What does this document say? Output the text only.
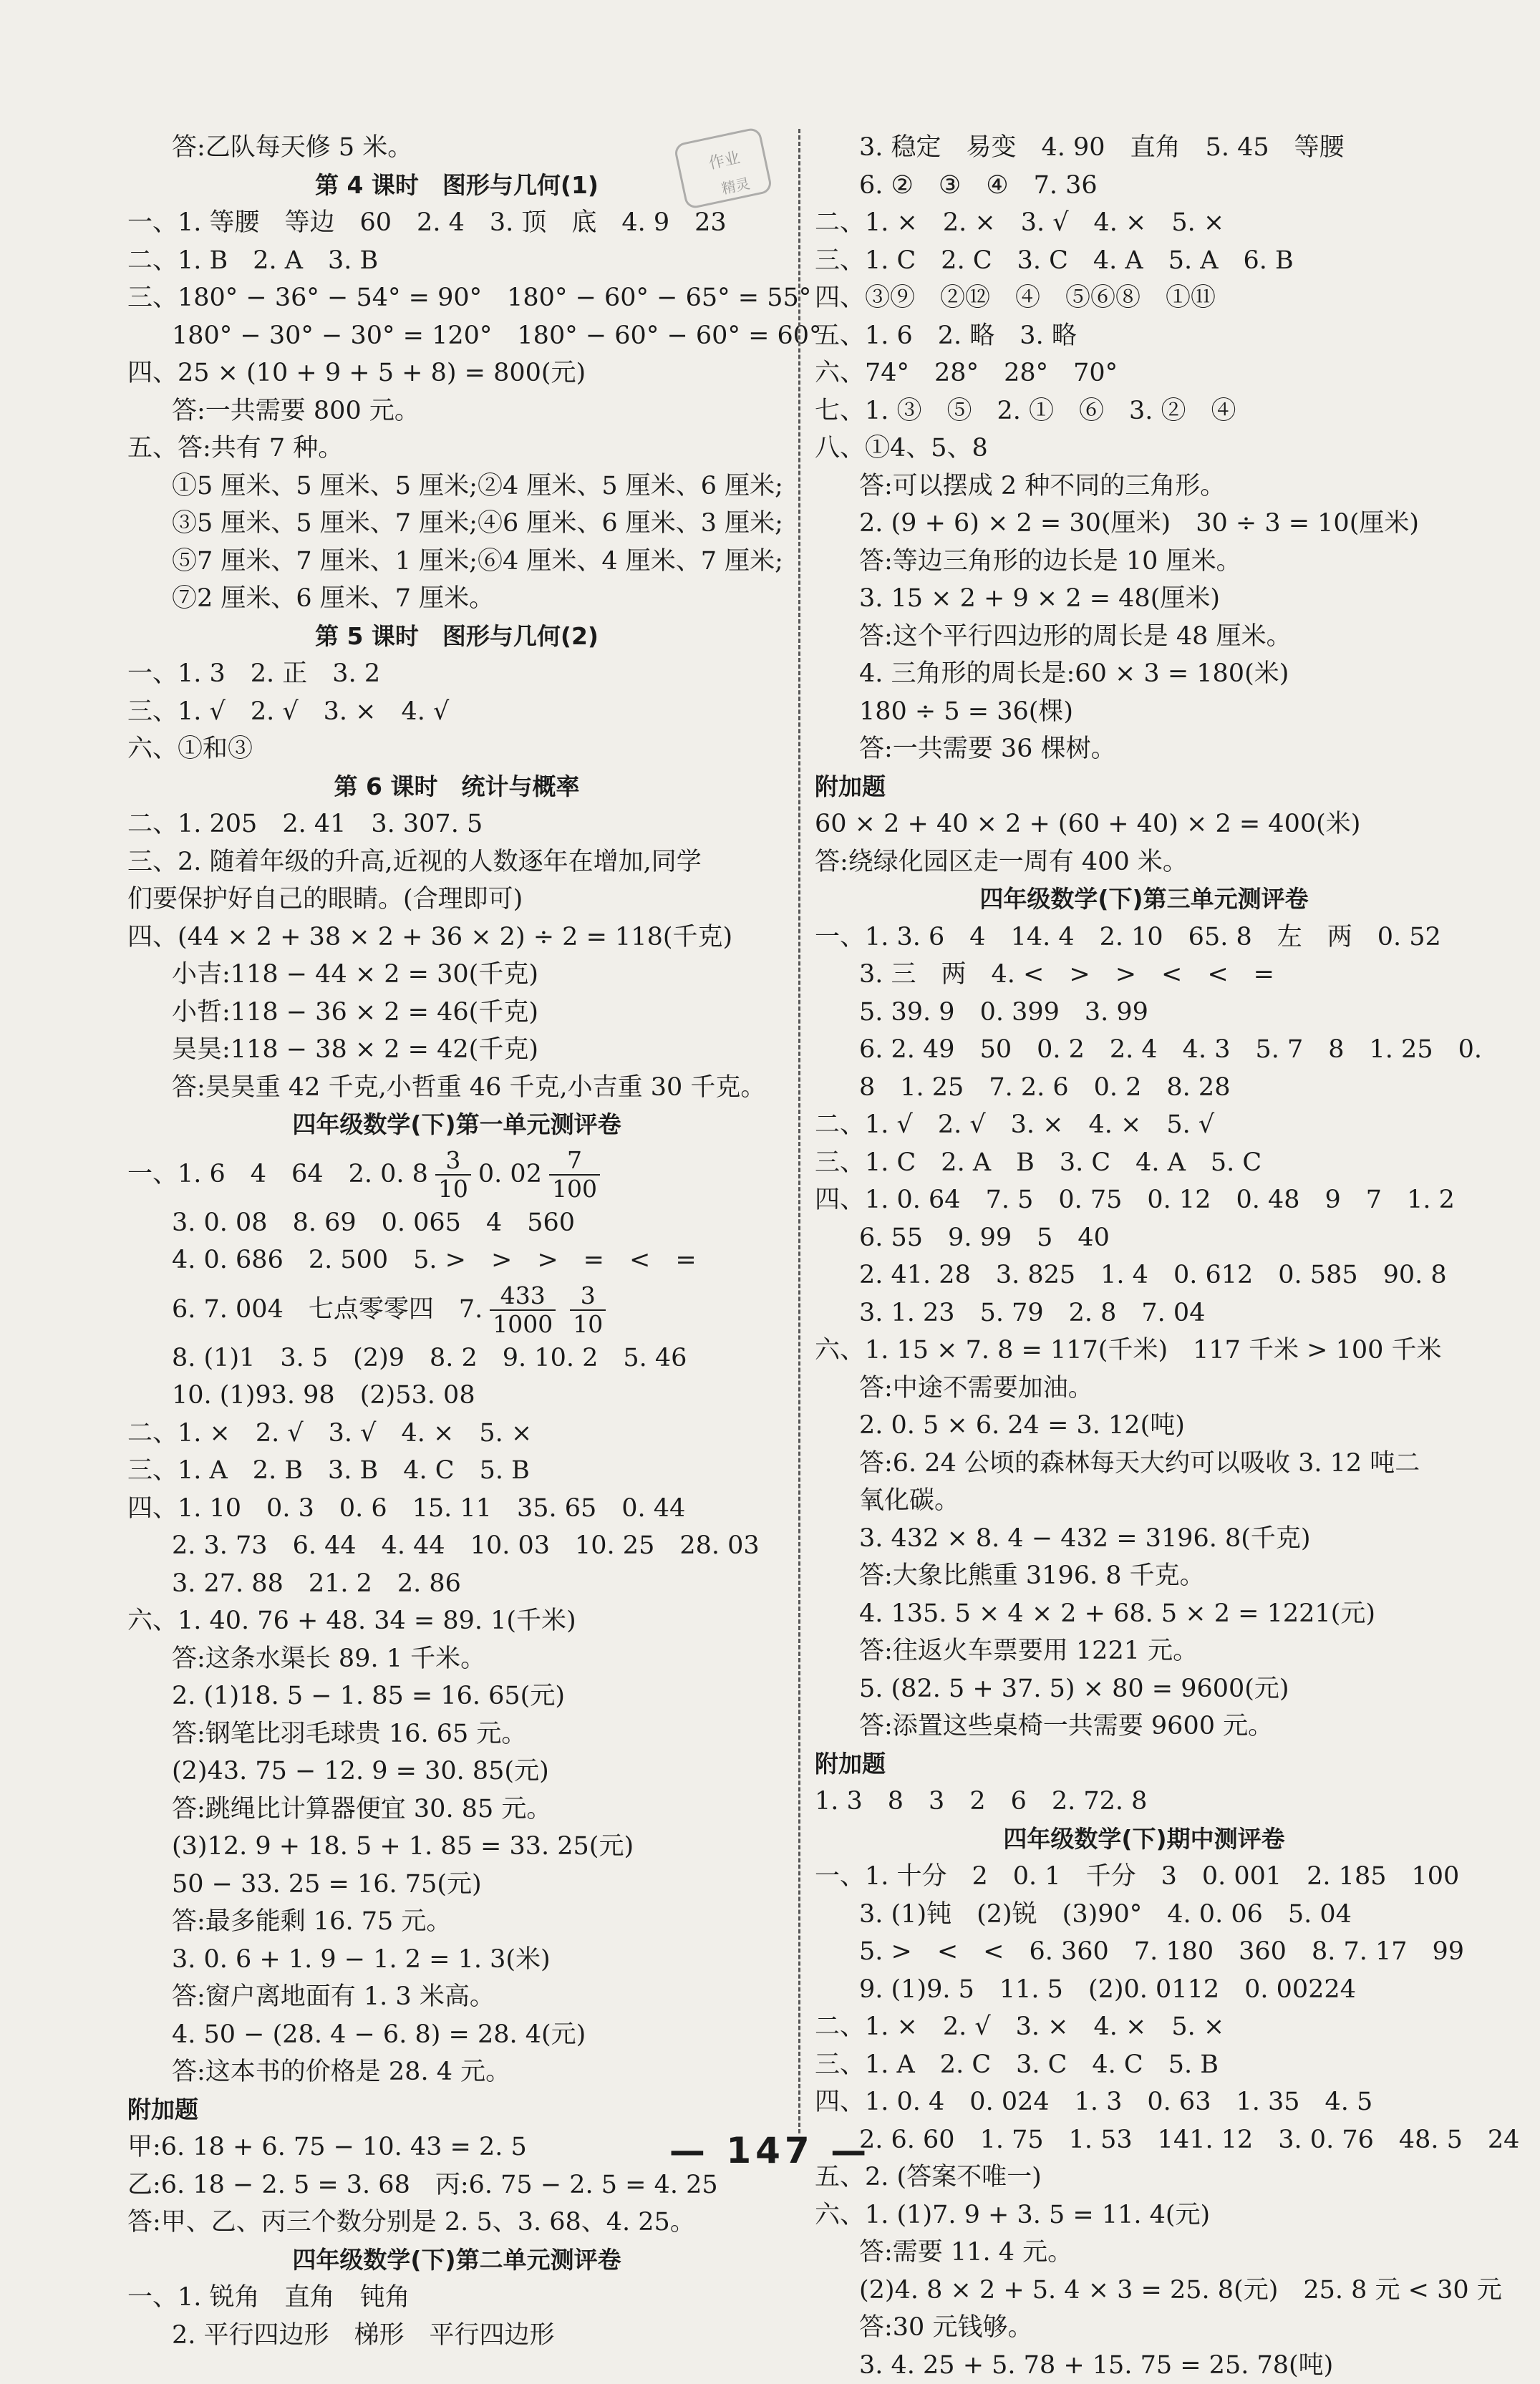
答:乙队每天修 5 米。
第 4 课时　图形与几何(1)
一、1. 等腰　等边　60　2. 4　3. 顶　底　4. 9　23
二、1. B　2. A　3. B
三、180° − 36° − 54° = 90°　180° − 60° − 65° = 55°
180° − 30° − 30° = 120°　180° − 60° − 60° = 60°
四、25 × (10 + 9 + 5 + 8) = 800(元)
答:一共需要 800 元。
五、答:共有 7 种。
①5 厘米、5 厘米、5 厘米;②4 厘米、5 厘米、6 厘米;
③5 厘米、5 厘米、7 厘米;④6 厘米、6 厘米、3 厘米;
⑤7 厘米、7 厘米、1 厘米;⑥4 厘米、4 厘米、7 厘米;
⑦2 厘米、6 厘米、7 厘米。
第 5 课时　图形与几何(2)
一、1. 3　2. 正　3. 2
三、1. √　2. √　3. ×　4. √
六、①和③
第 6 课时　统计与概率
二、1. 205　2. 41　3. 307. 5
三、2. 随着年级的升高,近视的人数逐年在增加,同学
们要保护好自己的眼睛。(合理即可)
四、(44 × 2 + 38 × 2 + 36 × 2) ÷ 2 = 118(千克)
小吉:118 − 44 × 2 = 30(千克)
小哲:118 − 36 × 2 = 46(千克)
昊昊:118 − 38 × 2 = 42(千克)
答:昊昊重 42 千克,小哲重 46 千克,小吉重 30 千克。
四年级数学(下)第一单元测评卷
一、1. 6　4　64　2. 0. $8 \frac{3}{10} 0$. $02 \frac{7}{100}$
3. 0. 08　8. 69　0. 065　4　560
4. 0. 686　2. 500　5. >　>　>　=　<　=
6. 7. 004　七点零零四　7. $\frac{433}{1000} \frac{3}{10}$
8. (1)1　3. 5　(2)9　8. 2　9. 10. 2　5. 46
10. (1)93. 98　(2)53. 08
二、1. ×　2. √　3. √　4. ×　5. ×
三、1. A　2. B　3. B　4. C　5. B
四、1. 10　0. 3　0. 6　15. 11　35. 65　0. 44
2. 3. 73　6. 44　4. 44　10. 03　10. 25　28. 03
3. 27. 88　21. 2　2. 86
六、1. 40. 76 + 48. 34 = 89. 1(千米)
答:这条水渠长 89. 1 千米。
2. (1)18. 5 − 1. 85 = 16. 65(元)
答:钢笔比羽毛球贵 16. 65 元。
(2)43. 75 − 12. 9 = 30. 85(元)
答:跳绳比计算器便宜 30. 85 元。
(3)12. 9 + 18. 5 + 1. 85 = 33. 25(元)
50 − 33. 25 = 16. 75(元)
答:最多能剩 16. 75 元。
3. 0. 6 + 1. 9 − 1. 2 = 1. 3(米)
答:窗户离地面有 1. 3 米高。
4. 50 − (28. 4 − 6. 8) = 28. 4(元)
答:这本书的价格是 28. 4 元。
附加题
甲:6. 18 + 6. 75 − 10. 43 = 2. 5
乙:6. 18 − 2. 5 = 3. 68　丙:6. 75 − 2. 5 = 4. 25
答:甲、乙、丙三个数分别是 2. 5、3. 68、4. 25。
四年级数学(下)第二单元测评卷
一、1. 锐角　直角　钝角
2. 平行四边形　梯形　平行四边形
3. 稳定　易变　4. 90　直角　5. 45　等腰
6. ②　③　④　7. 36
二、1. ×　2. ×　3. √　4. ×　5. ×
三、1. C　2. C　3. C　4. A　5. A　6. B
四、③⑨　②⑫　④　⑤⑥⑧　①⑪
五、1. 6　2. 略　3. 略
六、74°　28°　28°　70°
七、1. ③　⑤　2. ①　⑥　3. ②　④
八、①4、5、8
答:可以摆成 2 种不同的三角形。
2. (9 + 6) × 2 = 30(厘米)　30 ÷ 3 = 10(厘米)
答:等边三角形的边长是 10 厘米。
3. 15 × 2 + 9 × 2 = 48(厘米)
答:这个平行四边形的周长是 48 厘米。
4. 三角形的周长是:60 × 3 = 180(米)
180 ÷ 5 = 36(棵)
答:一共需要 36 棵树。
附加题
60 × 2 + 40 × 2 + (60 + 40) × 2 = 400(米)
答:绕绿化园区走一周有 400 米。
四年级数学(下)第三单元测评卷
一、1. 3. 6　4　14. 4　2. 10　65. 8　左　两　0. 52
3. 三　两　4. <　>　>　<　<　=
5. 39. 9　0. 399　3. 99
6. 2. 49　50　0. 2　2. 4　4. 3　5. 7　8　1. 25　0.
8　1. 25　7. 2. 6　0. 2　8. 28
二、1. √　2. √　3. ×　4. ×　5. √
三、1. C　2. A　B　3. C　4. A　5. C
四、1. 0. 64　7. 5　0. 75　0. 12　0. 48　9　7　1. 2
6. 55　9. 99　5　40
2. 41. 28　3. 825　1. 4　0. 612　0. 585　90. 8
3. 1. 23　5. 79　2. 8　7. 04
六、1. 15 × 7. 8 = 117(千米)　117 千米 > 100 千米
答:中途不需要加油。
2. 0. 5 × 6. 24 = 3. 12(吨)
答:6. 24 公顷的森林每天大约可以吸收 3. 12 吨二
氧化碳。
3. 432 × 8. 4 − 432 = 3196. 8(千克)
答:大象比熊重 3196. 8 千克。
4. 135. 5 × 4 × 2 + 68. 5 × 2 = 1221(元)
答:往返火车票要用 1221 元。
5. (82. 5 + 37. 5) × 80 = 9600(元)
答:添置这些桌椅一共需要 9600 元。
附加题
1. 3　8　3　2　6　2. 72. 8
四年级数学(下)期中测评卷
一、1. 十分　2　0. 1　千分　3　0. 001　2. 185　100
3. (1)钝　(2)锐　(3)90°　4. 0. 06　5. 04
5. >　<　<　6. 360　7. 180　360　8. 7. 17　99
9. (1)9. 5　11. 5　(2)0. 0112　0. 00224
二、1. ×　2. √　3. ×　4. ×　5. ×
三、1. A　2. C　3. C　4. C　5. B
四、1. 0. 4　0. 024　1. 3　0. 63　1. 35　4. 5
2. 6. 60　1. 75　1. 53　141. 12　3. 0. 76　48. 5　24
五、2. (答案不唯一)
六、1. (1)7. 9 + 3. 5 = 11. 4(元)
答:需要 11. 4 元。
(2)4. 8 × 2 + 5. 4 × 3 = 25. 8(元)　25. 8 元 < 30 元
答:30 元钱够。
3. 4. 25 + 5. 78 + 15. 75 = 25. 78(吨)
作业
精灵
— 147 —
